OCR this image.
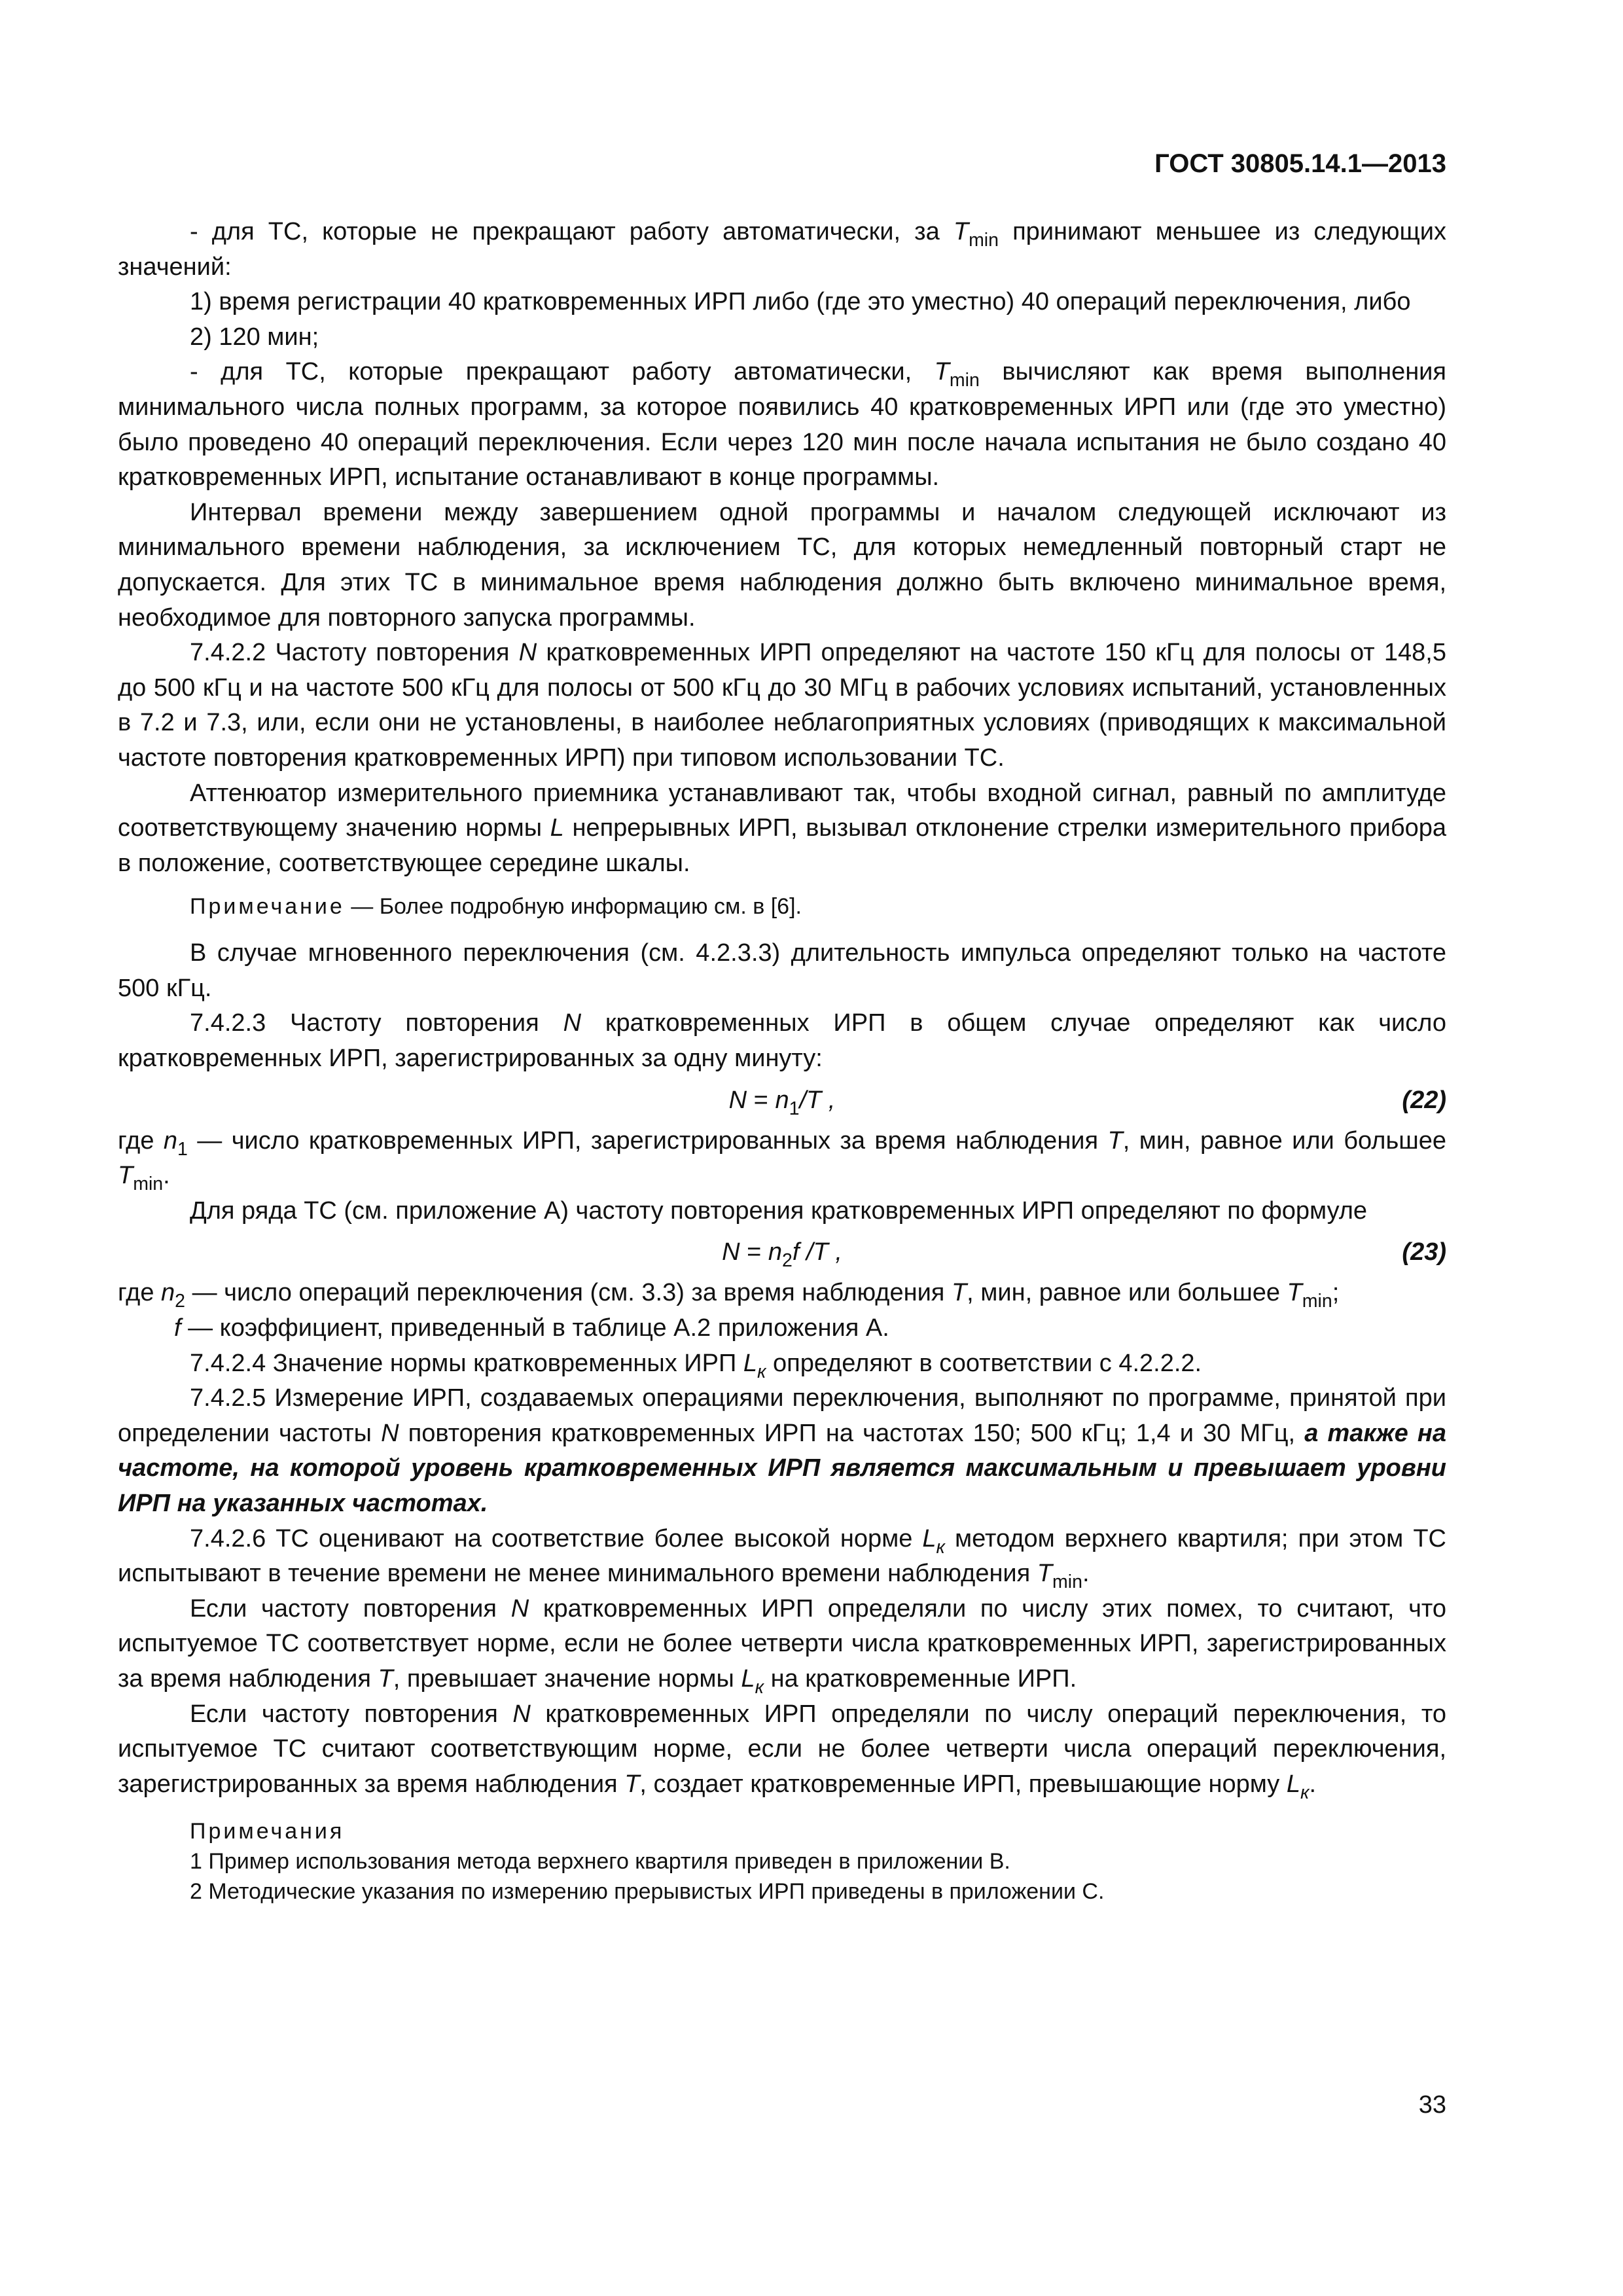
ГОСТ 30805.14.1—2013

- для ТС, которые не прекращают работу автоматически, за $T_{min}$ принимают меньшее из следующих значений:

1) время регистрации 40 кратковременных ИРП либо (где это уместно) 40 операций переключения, либо

2) 120 мин;

- для ТС, которые прекращают работу автоматически, $T_{min}$ вычисляют как время выполнения минимального числа полных программ, за которое появились 40 кратковременных ИРП или (где это уместно) было проведено 40 операций переключения. Если через 120 мин после начала испытания не было создано 40 кратковременных ИРП, испытание останавливают в конце программы.

Интервал времени между завершением одной программы и началом следующей исключают из минимального времени наблюдения, за исключением ТС, для которых немедленный повторный старт не допускается. Для этих ТС в минимальное время наблюдения должно быть включено минимальное время, необходимое для повторного запуска программы.

7.4.2.2 Частоту повторения N кратковременных ИРП определяют на частоте 150 кГц для полосы от 148,5 до 500 кГц и на частоте 500 кГц для полосы от 500 кГц до 30 МГц в рабочих условиях испытаний, установленных в 7.2 и 7.3, или, если они не установлены, в наиболее неблагоприятных условиях (приводящих к максимальной частоте повторения кратковременных ИРП) при типовом использовании ТС.

Аттенюатор измерительного приемника устанавливают так, чтобы входной сигнал, равный по амплитуде соответствующему значению нормы L непрерывных ИРП, вызывал отклонение стрелки измерительного прибора в положение, соответствующее середине шкалы.

Примечание — Более подробную информацию см. в [6].

В случае мгновенного переключения (см. 4.2.3.3) длительность импульса определяют только на частоте 500 кГц.

7.4.2.3 Частоту повторения N кратковременных ИРП в общем случае определяют как число кратковременных ИРП, зарегистрированных за одну минуту:

$N = n_1/T$ ,	(22)

где $n_1$ — число кратковременных ИРП, зарегистрированных за время наблюдения T, мин, равное или большее $T_{min}$.

Для ряда ТС (см. приложение А) частоту повторения кратковременных ИРП определяют по формуле

$N = n_2f$ /T ,	(23)

где $n_2$ — число операций переключения (см. 3.3) за время наблюдения T, мин, равное или большее $T_{min}$;

f — коэффициент, приведенный в таблице А.2 приложения А.

7.4.2.4 Значение нормы кратковременных ИРП $L_к$ определяют в соответствии с 4.2.2.2.

7.4.2.5 Измерение ИРП, создаваемых операциями переключения, выполняют по программе, принятой при определении частоты N повторения кратковременных ИРП на частотах 150; 500 кГц; 1,4 и 30 МГц, а также на частоте, на которой уровень кратковременных ИРП является максимальным и превышает уровни ИРП на указанных частотах.

7.4.2.6 ТС оценивают на соответствие более высокой норме $L_к$ методом верхнего квартиля; при этом ТС испытывают в течение времени не менее минимального времени наблюдения $T_{min}$.

Если частоту повторения N кратковременных ИРП определяли по числу этих помех, то считают, что испытуемое ТС соответствует норме, если не более четверти числа кратковременных ИРП, зарегистрированных за время наблюдения T, превышает значение нормы $L_к$ на кратковременные ИРП.

Если частоту повторения N кратковременных ИРП определяли по числу операций переключения, то испытуемое ТС считают соответствующим норме, если не более четверти числа операций переключения, зарегистрированных за время наблюдения T, создает кратковременные ИРП, превышающие норму $L_к$.

Примечания

1 Пример использования метода верхнего квартиля приведен в приложении В.

2 Методические указания по измерению прерывистых ИРП приведены в приложении С.

33
